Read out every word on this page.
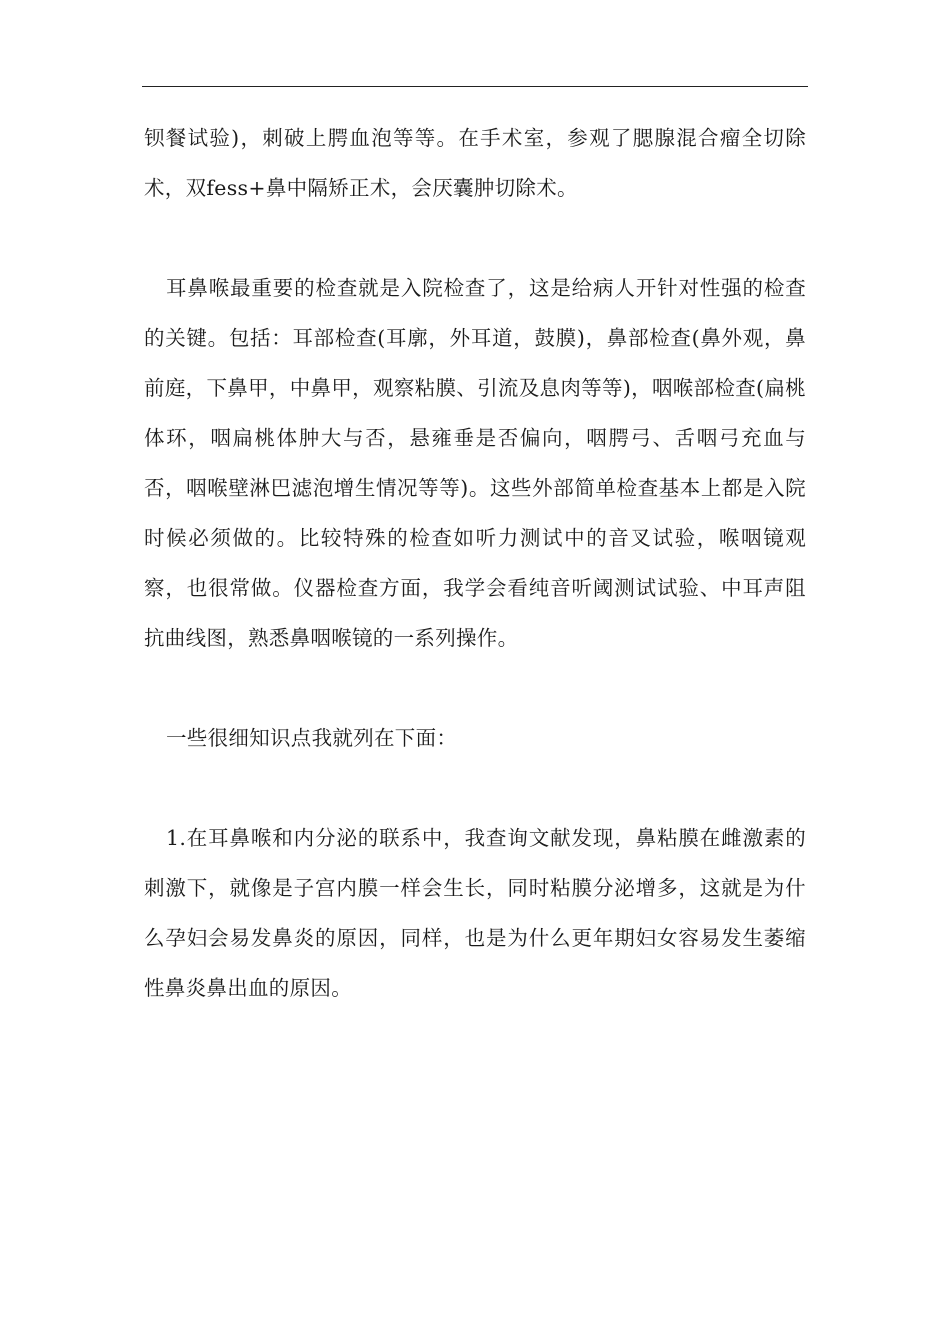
钡餐试验)，刺破上腭血泡等等。在手术室，参观了腮腺混合瘤全切除术，双fess+鼻中隔矫正术，会厌囊肿切除术。

耳鼻喉最重要的检查就是入院检查了，这是给病人开针对性强的检查的关键。包括：耳部检查(耳廓，外耳道，鼓膜)，鼻部检查(鼻外观，鼻前庭，下鼻甲，中鼻甲，观察粘膜、引流及息肉等等)，咽喉部检查(扁桃体环，咽扁桃体肿大与否，悬雍垂是否偏向，咽腭弓、舌咽弓充血与否，咽喉壁淋巴滤泡增生情况等等)。这些外部简单检查基本上都是入院时候必须做的。比较特殊的检查如听力测试中的音叉试验，喉咽镜观察，也很常做。仪器检查方面，我学会看纯音听阈测试试验、中耳声阻抗曲线图，熟悉鼻咽喉镜的一系列操作。

一些很细知识点我就列在下面：

1.在耳鼻喉和内分泌的联系中，我查询文献发现，鼻粘膜在雌激素的刺激下，就像是子宫内膜一样会生长，同时粘膜分泌增多，这就是为什么孕妇会易发鼻炎的原因，同样，也是为什么更年期妇女容易发生萎缩性鼻炎鼻出血的原因。
